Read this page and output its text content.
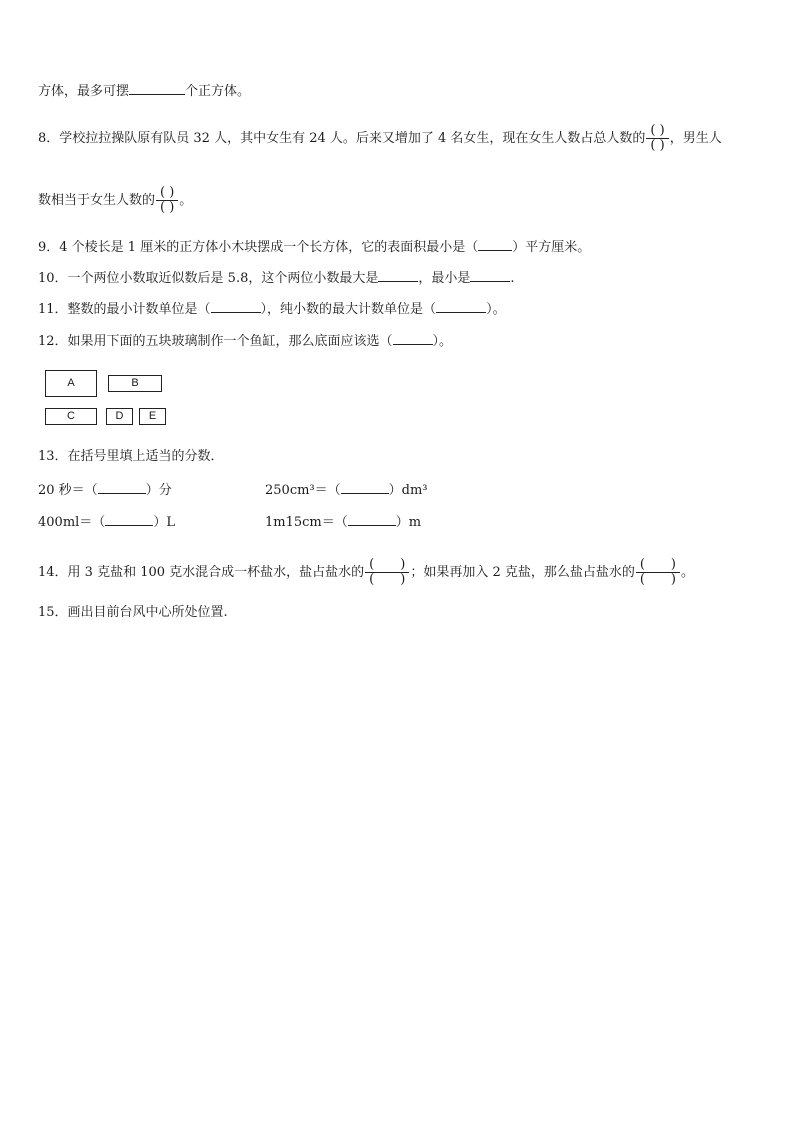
方体，最多可摆	个正方体。
8．学校拉拉操队原有队员 32 人，其中女生有 24 人。后来又增加了 4 名女生，现在女生人数占总人数的 $\frac{( )}{( )}$ ，男生人
数相当于女生人数的 $\frac{( )}{( )}$ 。
9．4 个棱长是 1 厘米的正方体小木块摆成一个长方体，它的表面积最小是（	）平方厘米。
10．一个两位小数取近似数后是 5.8，这个两位小数最大是	，最小是	.
11．整数的最小计数单位是（	），纯小数的最大计数单位是（	）。
12．如果用下面的五块玻璃制作一个鱼缸，那么底面应该选（	）。
A	B
C	D	E
13．在括号里填上适当的分数．
20 秒＝（	）分	250cm³＝（	）dm³
400ml＝（	）L	1m15cm＝（	）m
14．用 3 克盐和 100 克水混合成一杯盐水，盐占盐水的 $\frac{( )}{( )}$ ；如果再加入 2 克盐，那么盐占盐水的 $\frac{( )}{( )}$ 。
15．画出目前台风中心所处位置.
